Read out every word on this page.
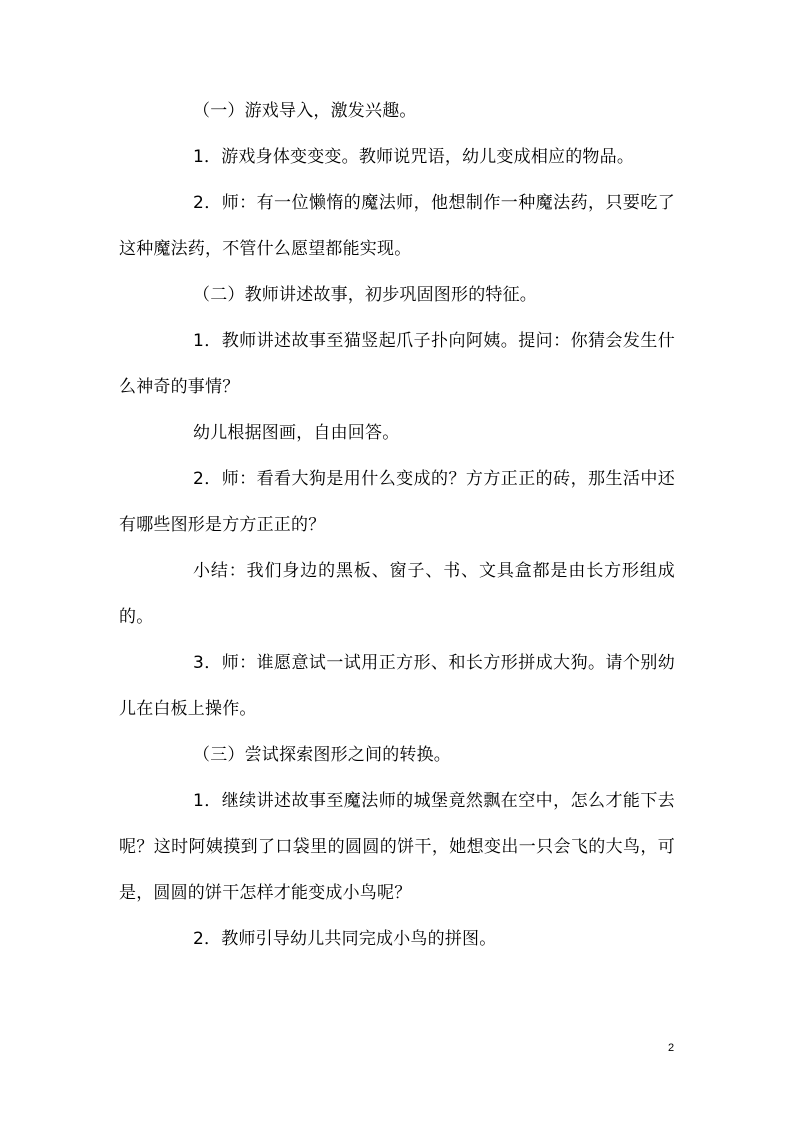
（一）游戏导入，激发兴趣。

1．游戏身体变变变。教师说咒语，幼儿变成相应的物品。

2．师：有一位懒惰的魔法师，他想制作一种魔法药，只要吃了这种魔法药，不管什么愿望都能实现。

（二）教师讲述故事，初步巩固图形的特征。

1．教师讲述故事至猫竖起爪子扑向阿姨。提问：你猜会发生什么神奇的事情？

幼儿根据图画，自由回答。

2．师：看看大狗是用什么变成的？方方正正的砖，那生活中还有哪些图形是方方正正的？

小结：我们身边的黑板、窗子、书、文具盒都是由长方形组成的。

3．师：谁愿意试一试用正方形、和长方形拼成大狗。请个别幼儿在白板上操作。

（三）尝试探索图形之间的转换。

1．继续讲述故事至魔法师的城堡竟然飘在空中，怎么才能下去呢？这时阿姨摸到了口袋里的圆圆的饼干，她想变出一只会飞的大鸟，可是，圆圆的饼干怎样才能变成小鸟呢？

2．教师引导幼儿共同完成小鸟的拼图。

2
